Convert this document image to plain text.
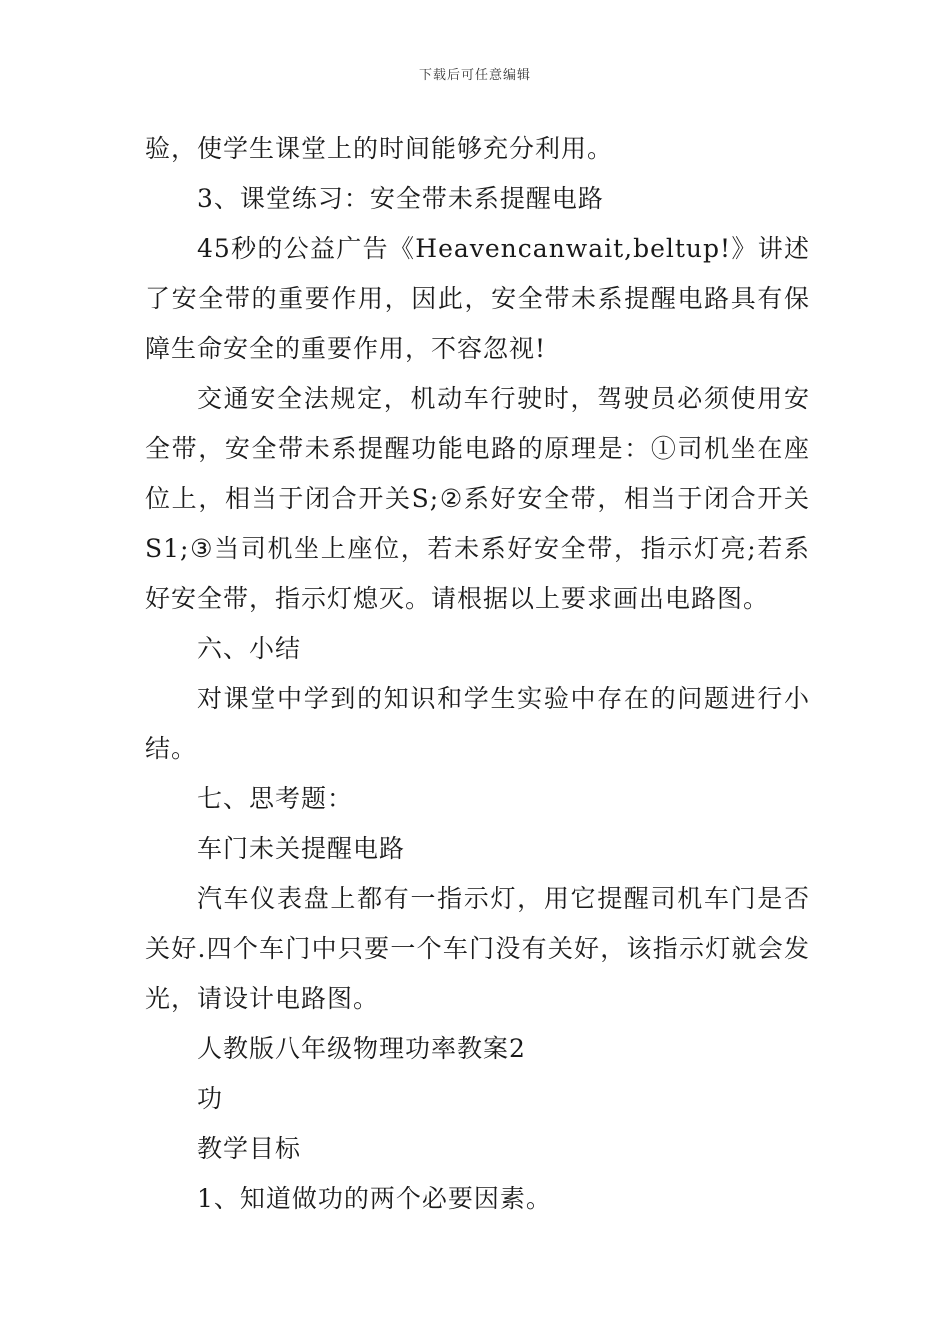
下载后可任意编辑

验，使学生课堂上的时间能够充分利用。

3、课堂练习：安全带未系提醒电路

45秒的公益广告《Heavencanwait,beltup!》讲述了安全带的重要作用，因此，安全带未系提醒电路具有保障生命安全的重要作用，不容忽视!

交通安全法规定，机动车行驶时，驾驶员必须使用安全带，安全带未系提醒功能电路的原理是：①司机坐在座位上，相当于闭合开关S;②系好安全带，相当于闭合开关S1;③当司机坐上座位，若未系好安全带，指示灯亮;若系好安全带，指示灯熄灭。请根据以上要求画出电路图。

六、小结

对课堂中学到的知识和学生实验中存在的问题进行小结。

七、思考题：

车门未关提醒电路

汽车仪表盘上都有一指示灯，用它提醒司机车门是否关好.四个车门中只要一个车门没有关好，该指示灯就会发光，请设计电路图。

人教版八年级物理功率教案2

功

教学目标

1、知道做功的两个必要因素。
